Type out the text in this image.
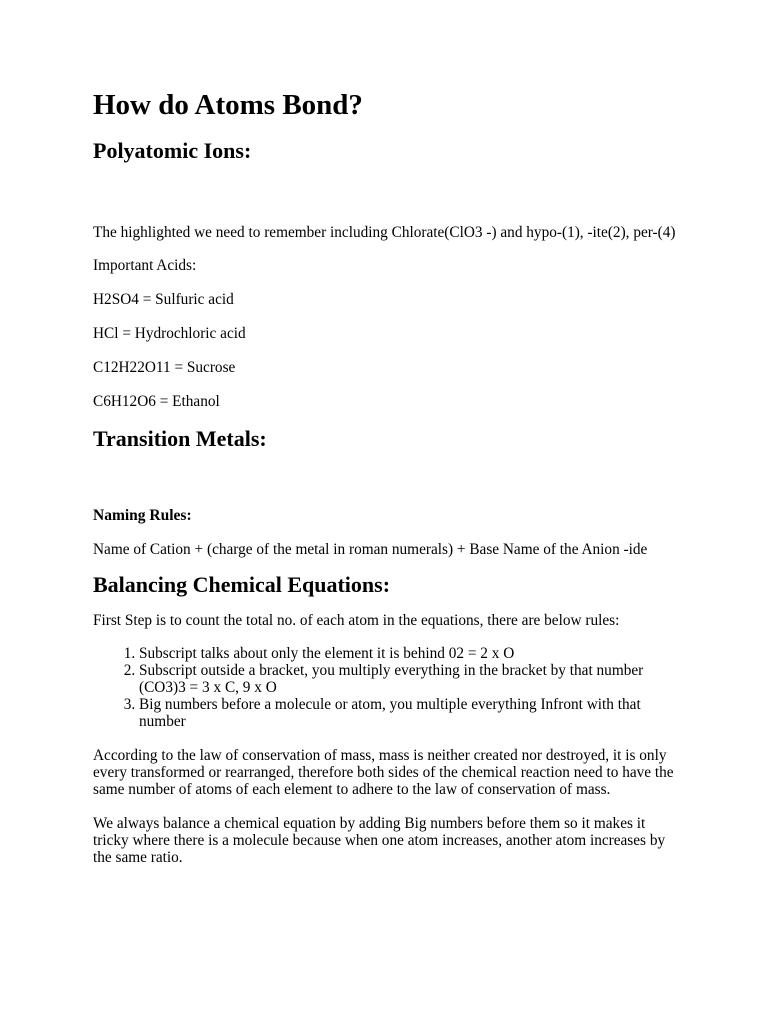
How do Atoms Bond?
Polyatomic Ions:

The highlighted we need to remember including Chlorate(ClO3 -) and hypo-(1), -ite(2), per-(4)

Important Acids:

H2SO4 = Sulfuric acid

HCl = Hydrochloric acid

C12H22O11 = Sucrose

C6H12O6 = Ethanol

Transition Metals:
Naming Rules:

Name of Cation + (charge of the metal in roman numerals) + Base Name of the Anion -ide

Balancing Chemical Equations:

First Step is to count the total no. of each atom in the equations, there are below rules:

1. Subscript talks about only the element it is behind 02 = 2 x O
2. Subscript outside a bracket, you multiply everything in the bracket by that number (CO3)3 = 3 x C, 9 x O
3. Big numbers before a molecule or atom, you multiple everything Infront with that number

According to the law of conservation of mass, mass is neither created nor destroyed, it is only every transformed or rearranged, therefore both sides of the chemical reaction need to have the same number of atoms of each element to adhere to the law of conservation of mass.

We always balance a chemical equation by adding Big numbers before them so it makes it tricky where there is a molecule because when one atom increases, another atom increases by the same ratio.
